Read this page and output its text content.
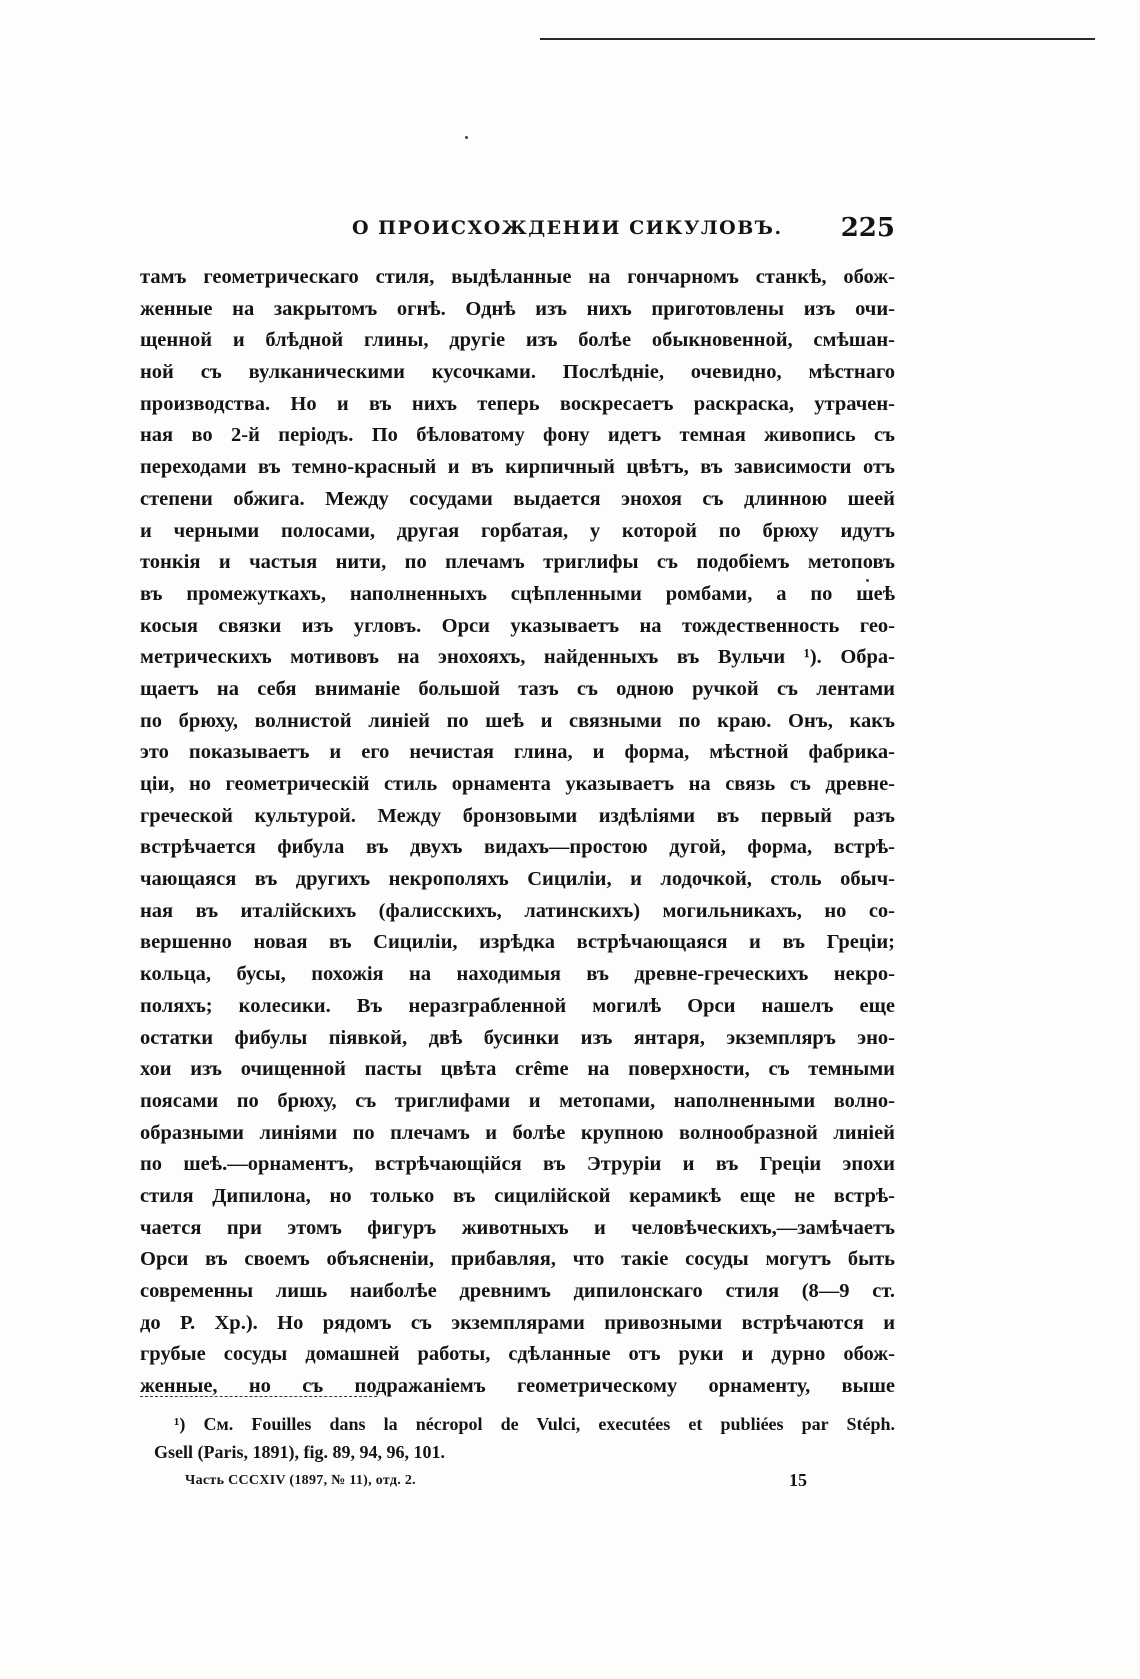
О ПРОИСХОЖДЕНИИ СИКУЛОВЪ. 225
тамъ геометрическаго стиля, выдѣланные на гончарномъ станкѣ, обож-
женные на закрытомъ огнѣ. Однѣ изъ нихъ приготовлены изъ очи-
щенной и блѣдной глины, другіе изъ болѣе обыкновенной, смѣшан-
ной съ вулканическими кусочками. Послѣдніе, очевидно, мѣстнаго
производства. Но и въ нихъ теперь воскресаетъ раскраска, утрачен-
ная во 2-й періодъ. По бѣловатому фону идетъ темная живопись съ
переходами въ темно-красный и въ кирпичный цвѣтъ, въ зависимости отъ
степени обжига. Между сосудами выдается энохоя съ длинною шеей
и черными полосами, другая горбатая, у которой по брюху идутъ
тонкія и частыя нити, по плечамъ триглифы съ подобіемъ метоповъ
въ промежуткахъ, наполненныхъ сцѣпленными ромбами, а по шеѣ
косыя связки изъ угловъ. Орси указываетъ на тождественность гео-
метрическихъ мотивовъ на энохояхъ, найденныхъ въ Вульчи ¹). Обра-
щаетъ на себя вниманіе большой тазъ съ одною ручкой съ лентами
по брюху, волнистой линіей по шеѣ и связными по краю. Онъ, какъ
это показываетъ и его нечистая глина, и форма, мѣстной фабрика-
ціи, но геометрическій стиль орнамента указываетъ на связь съ древне-
греческой культурой. Между бронзовыми издѣліями въ первый разъ
встрѣчается фибула въ двухъ видахъ—простою дугой, форма, встрѣ-
чающаяся въ другихъ некрополяхъ Сициліи, и лодочкой, столь обыч-
ная въ италійскихъ (фалисскихъ, латинскихъ) могильникахъ, но со-
вершенно новая въ Сициліи, изрѣдка встрѣчающаяся и въ Греціи;
кольца, бусы, похожія на находимыя въ древне-греческихъ некро-
поляхъ; колесики. Въ неразграбленной могилѣ Орси нашелъ еще
остатки фибулы піявкой, двѣ бусинки изъ янтаря, экземпляръ эно-
хои изъ очищенной пасты цвѣта crême на поверхности, съ темными
поясами по брюху, съ триглифами и метопами, наполненными волно-
образными линіями по плечамъ и болѣе крупною волнообразной линіей
по шеѣ.—орнаментъ, встрѣчающійся въ Этруріи и въ Греціи эпохи
стиля Дипилона, но только въ сицилійской керамикѣ еще не встрѣ-
чается при этомъ фигуръ животныхъ и человѣческихъ,—замѣчаетъ
Орси въ своемъ объясненіи, прибавляя, что такіе сосуды могутъ быть
современны лишь наиболѣе древнимъ дипилонскаго стиля (8—9 ст.
до Р. Хр.). Но рядомъ съ экземплярами привозными встрѣчаются и
грубые сосуды домашней работы, сдѣланные отъ руки и дурно обож-
женные, но съ подражаніемъ геометрическому орнаменту, выше
¹) См. Fouilles dans la nécropol de Vulci, executées et publiées par Stéph.
Gsell (Paris, 1891), fig. 89, 94, 96, 101.
Часть CCCXIV (1897, № 11), отд. 2.	15
